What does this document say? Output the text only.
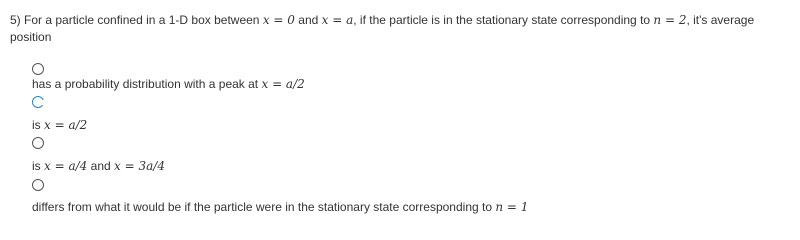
5) For a particle confined in a 1-D box between x = 0 and x = a, if the particle is in the stationary state corresponding to n = 2, it's average position
has a probability distribution with a peak at x = a/2
is x = a/2
is x = a/4 and x = 3a/4
differs from what it would be if the particle were in the stationary state corresponding to n = 1
